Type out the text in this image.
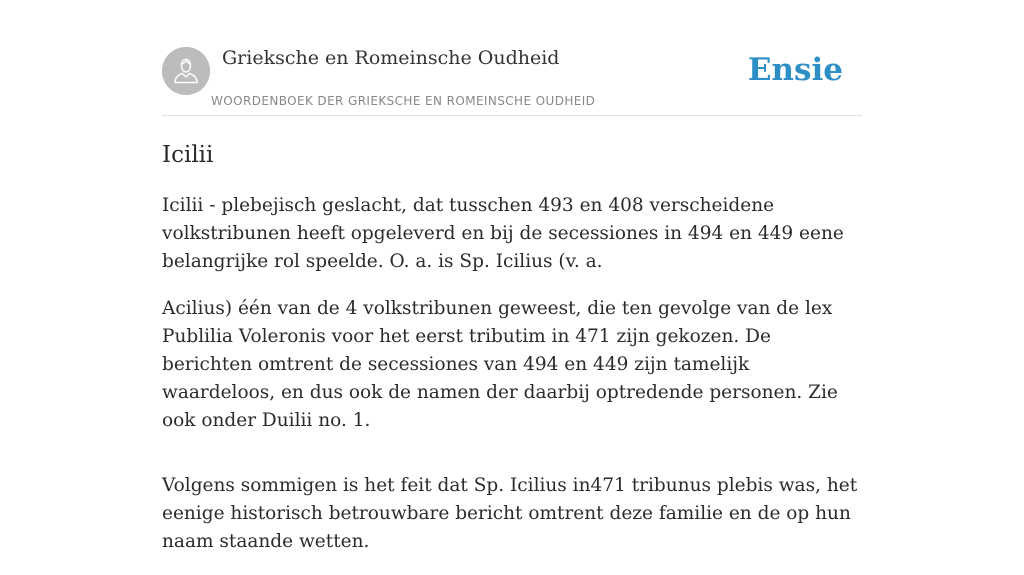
Grieksche en Romeinsche Oudheid
WOORDENBOEK DER GRIEKSCHE EN ROMEINSCHE OUDHEID
Ensie
Icilii

Icilii - plebejisch geslacht, dat tusschen 493 en 408 verscheidene volkstribunen heeft opgeleverd en bij de secessiones in 494 en 449 eene belangrijke rol speelde. O. a. is Sp. Icilius (v. a.

Acilius) één van de 4 volkstribunen geweest, die ten gevolge van de lex Publilia Voleronis voor het eerst tributim in 471 zijn gekozen. De berichten omtrent de secessiones van 494 en 449 zijn tamelijk waardeloos, en dus ook de namen der daarbij optredende personen. Zie ook onder Duilii no. 1.

Volgens sommigen is het feit dat Sp. Icilius in471 tribunus plebis was, het eenige historisch betrouwbare bericht omtrent deze familie en de op hun naam staande wetten.
